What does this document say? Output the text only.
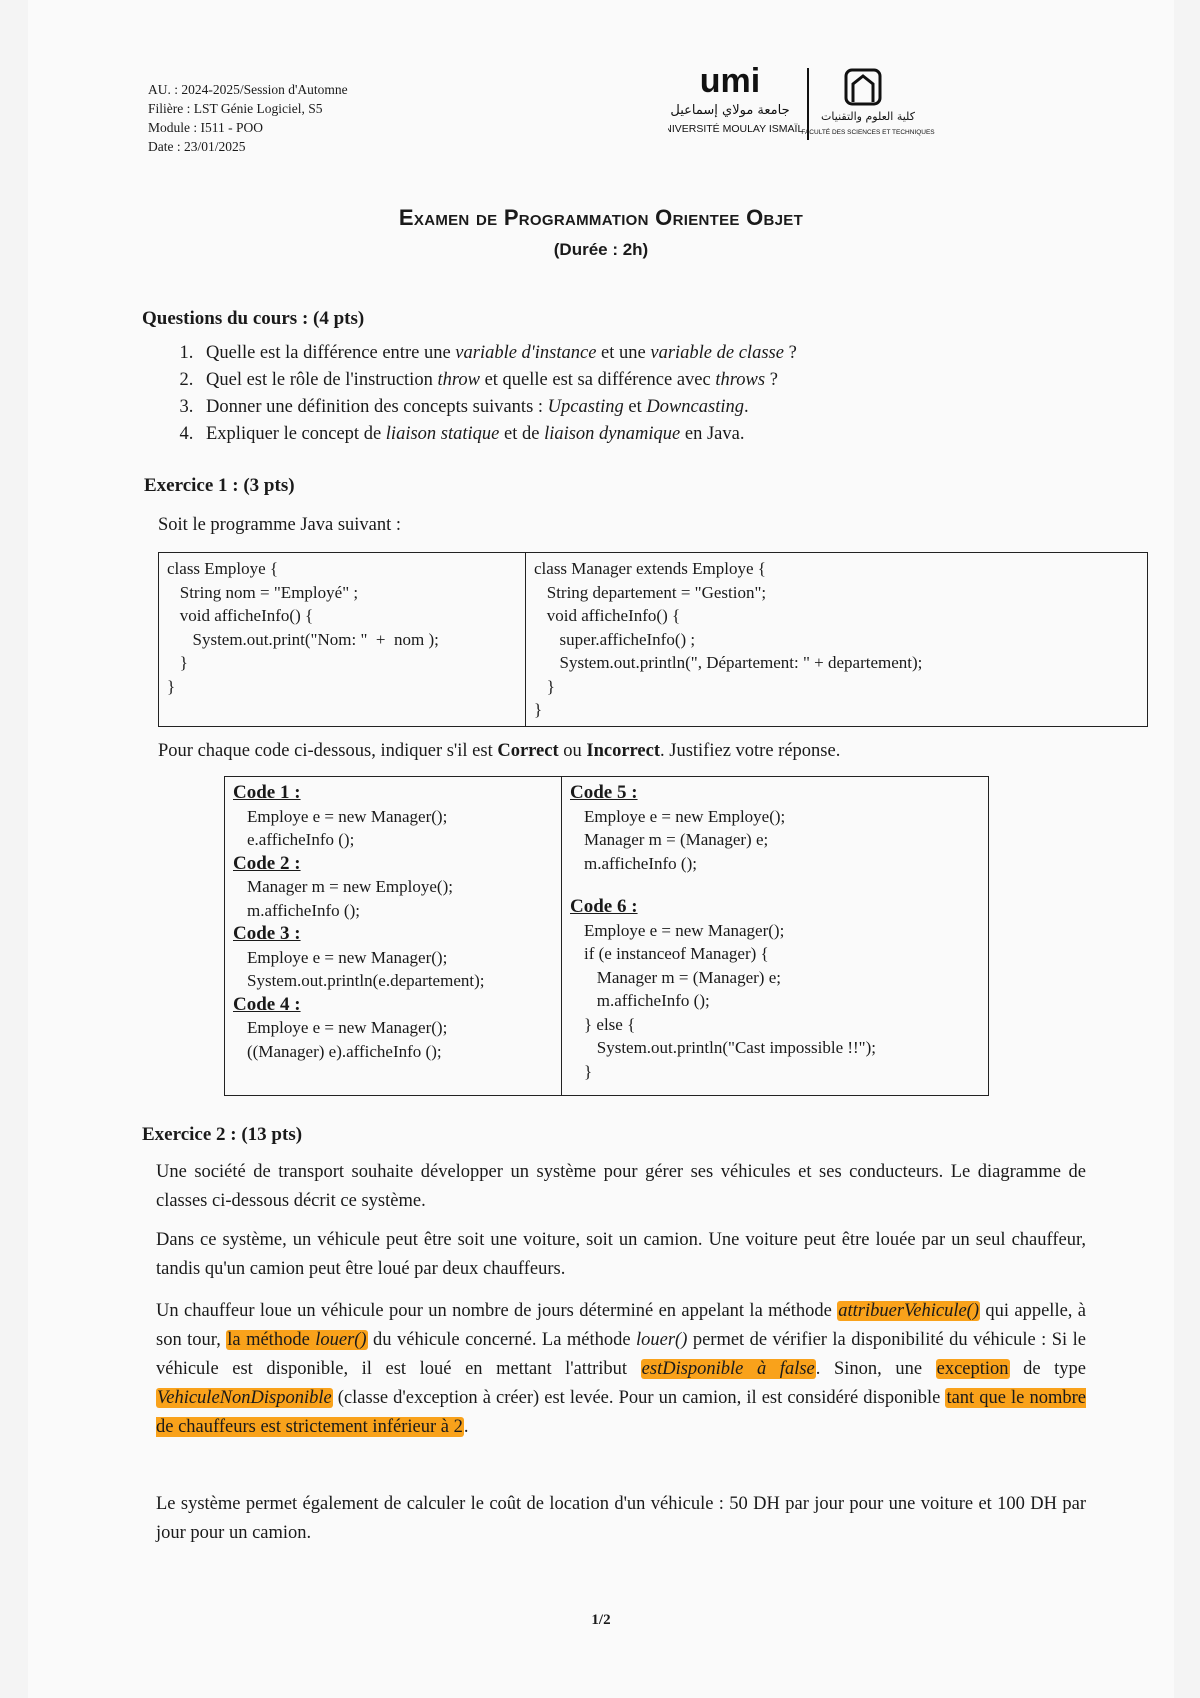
AU. : 2024-2025/Session d'Automne
Filière : LST Génie Logiciel, S5
Module : I511 - POO
Date : 23/01/2025
umi
جامعة مولاي إسماعيل
UNIVERSITÉ MOULAY ISMAÏL
كلية العلوم والتقنيات
FACULTÉ DES SCIENCES ET TECHNIQUES
Examen de Programmation Orientee Objet
(Durée : 2h)
Questions du cours : (4 pts)
1. Quelle est la différence entre une variable d'instance et une variable de classe ?
2. Quel est le rôle de l'instruction throw et quelle est sa différence avec throws ?
3. Donner une définition des concepts suivants : Upcasting et Downcasting.
4. Expliquer le concept de liaison statique et de liaison dynamique en Java.
Exercice 1 : (3 pts)
Soit le programme Java suivant :
class Employe {
String nom = "Employé" ;
void afficheInfo() {
System.out.print("Nom: "  +  nom );
}
}

class Manager extends Employe {
String departement = "Gestion";
void afficheInfo() {
super.afficheInfo() ;
System.out.println(", Département: " + departement);
}
}
Pour chaque code ci-dessous, indiquer s'il est Correct ou Incorrect. Justifiez votre réponse.
Code 1 :
Employe e = new Manager();
e.afficheInfo ();
Code 2 :
Manager m = new Employe();
m.afficheInfo ();
Code 3 :
Employe e = new Manager();
System.out.println(e.departement);
Code 4 :
Employe e = new Manager();
((Manager) e).afficheInfo ();

Code 5 :
Employe e = new Employe();
Manager m = (Manager) e;
m.afficheInfo ();
Code 6 :
Employe e = new Manager();
if (e instanceof Manager) {
Manager m = (Manager) e;
m.afficheInfo ();
} else {
System.out.println("Cast impossible !!");
}
Exercice 2 : (13 pts)
Une société de transport souhaite développer un système pour gérer ses véhicules et ses conducteurs. Le diagramme de classes ci-dessous décrit ce système.
Dans ce système, un véhicule peut être soit une voiture, soit un camion. Une voiture peut être louée par un seul chauffeur, tandis qu'un camion peut être loué par deux chauffeurs.
Un chauffeur loue un véhicule pour un nombre de jours déterminé en appelant la méthode attribuerVehicule() qui appelle, à son tour, la méthode louer() du véhicule concerné. La méthode louer() permet de vérifier la disponibilité du véhicule : Si le véhicule est disponible, il est loué en mettant l'attribut estDisponible à false. Sinon, une exception de type VehiculeNonDisponible (classe d'exception à créer) est levée. Pour un camion, il est considéré disponible tant que le nombre de chauffeurs est strictement inférieur à 2.
Le système permet également de calculer le coût de location d'un véhicule : 50 DH par jour pour une voiture et 100 DH par jour pour un camion.
1/2
